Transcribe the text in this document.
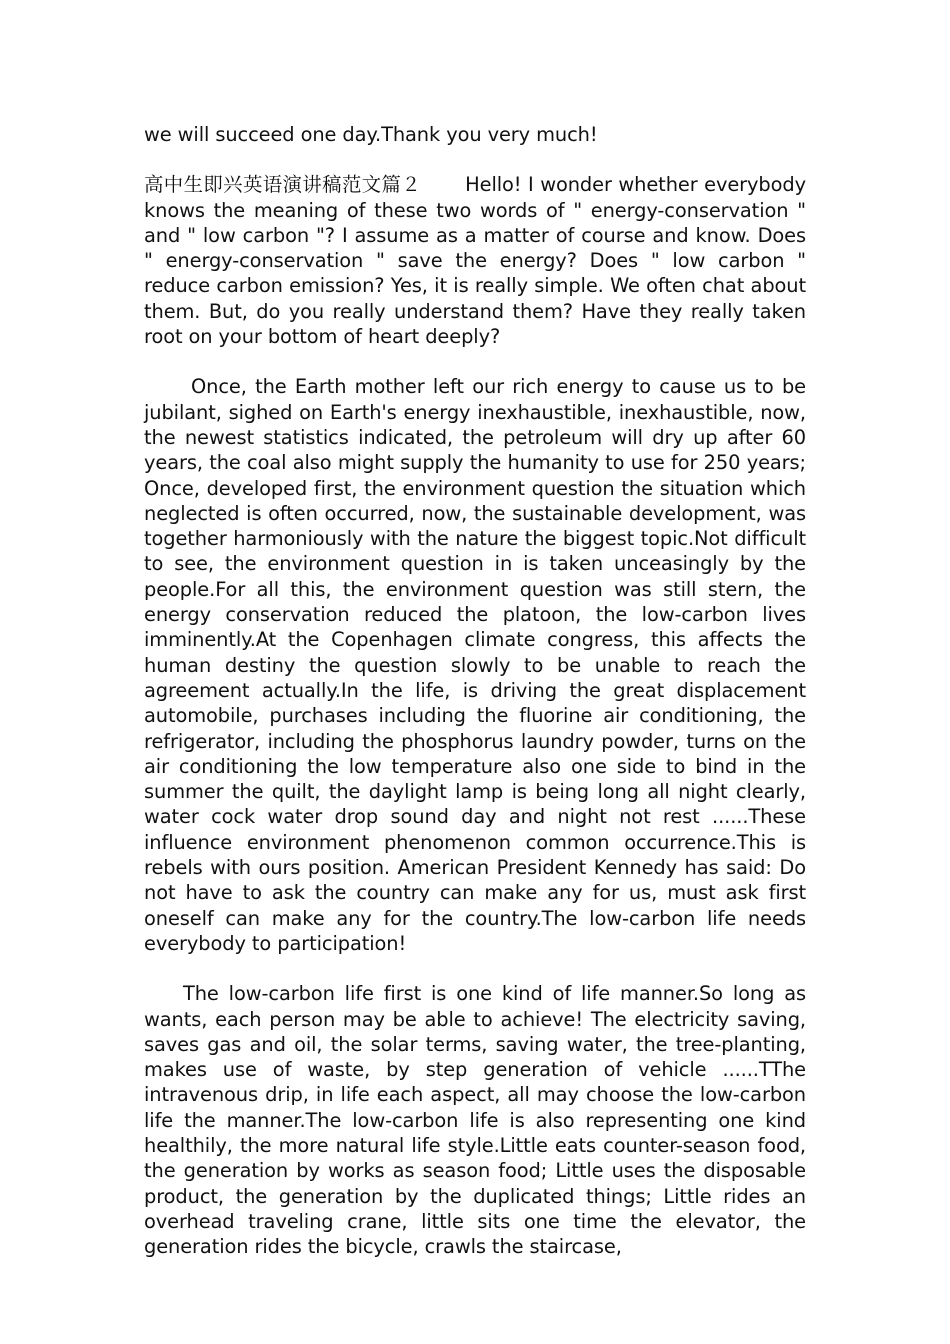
we will succeed one day.Thank you very much!

高中生即兴英语演讲稿范文篇２ Hello! I wonder whether everybody knows the meaning of these two words of " energy-conservation " and " low carbon "? I assume as a matter of course and know. Does " energy-conservation " save the energy? Does " low carbon " reduce carbon emission? Yes, it is really simple. We often chat about them. But, do you really understand them? Have they really taken root on your bottom of heart deeply?

Once, the Earth mother left our rich energy to cause us to be jubilant, sighed on Earth's energy inexhaustible, inexhaustible, now, the newest statistics indicated, the petroleum will dry up after 60 years, the coal also might supply the humanity to use for 250 years; Once, developed first, the environment question the situation which neglected is often occurred, now, the sustainable development, was together harmoniously with the nature the biggest topic.Not difficult to see, the environment question in is taken unceasingly by the people.For all this, the environment question was still stern, the energy conservation reduced the platoon, the low-carbon lives imminently.At the Copenhagen climate congress, this affects the human destiny the question slowly to be unable to reach the agreement actually.In the life, is driving the great displacement automobile, purchases including the fluorine air conditioning, the refrigerator, including the phosphorus laundry powder, turns on the air conditioning the low temperature also one side to bind in the summer the quilt, the daylight lamp is being long all night clearly, water cock water drop sound day and night not rest ......These influence environment phenomenon common occurrence.This is rebels with ours position. American President Kennedy has said: Do not have to ask the country can make any for us, must ask first oneself can make any for the country.The low-carbon life needs everybody to participation!

The low-carbon life first is one kind of life manner.So long as wants, each person may be able to achieve! The electricity saving, saves gas and oil, the solar terms, saving water, the tree-planting, makes use of waste, by step generation of vehicle ......TThe intravenous drip, in life each aspect, all may choose the low-carbon life the manner.The low-carbon life is also representing one kind healthily, the more natural life style.Little eats counter-season food, the generation by works as season food; Little uses the disposable product, the generation by the duplicated things; Little rides an overhead traveling crane, little sits one time the elevator, the generation rides the bicycle, crawls the staircase,
